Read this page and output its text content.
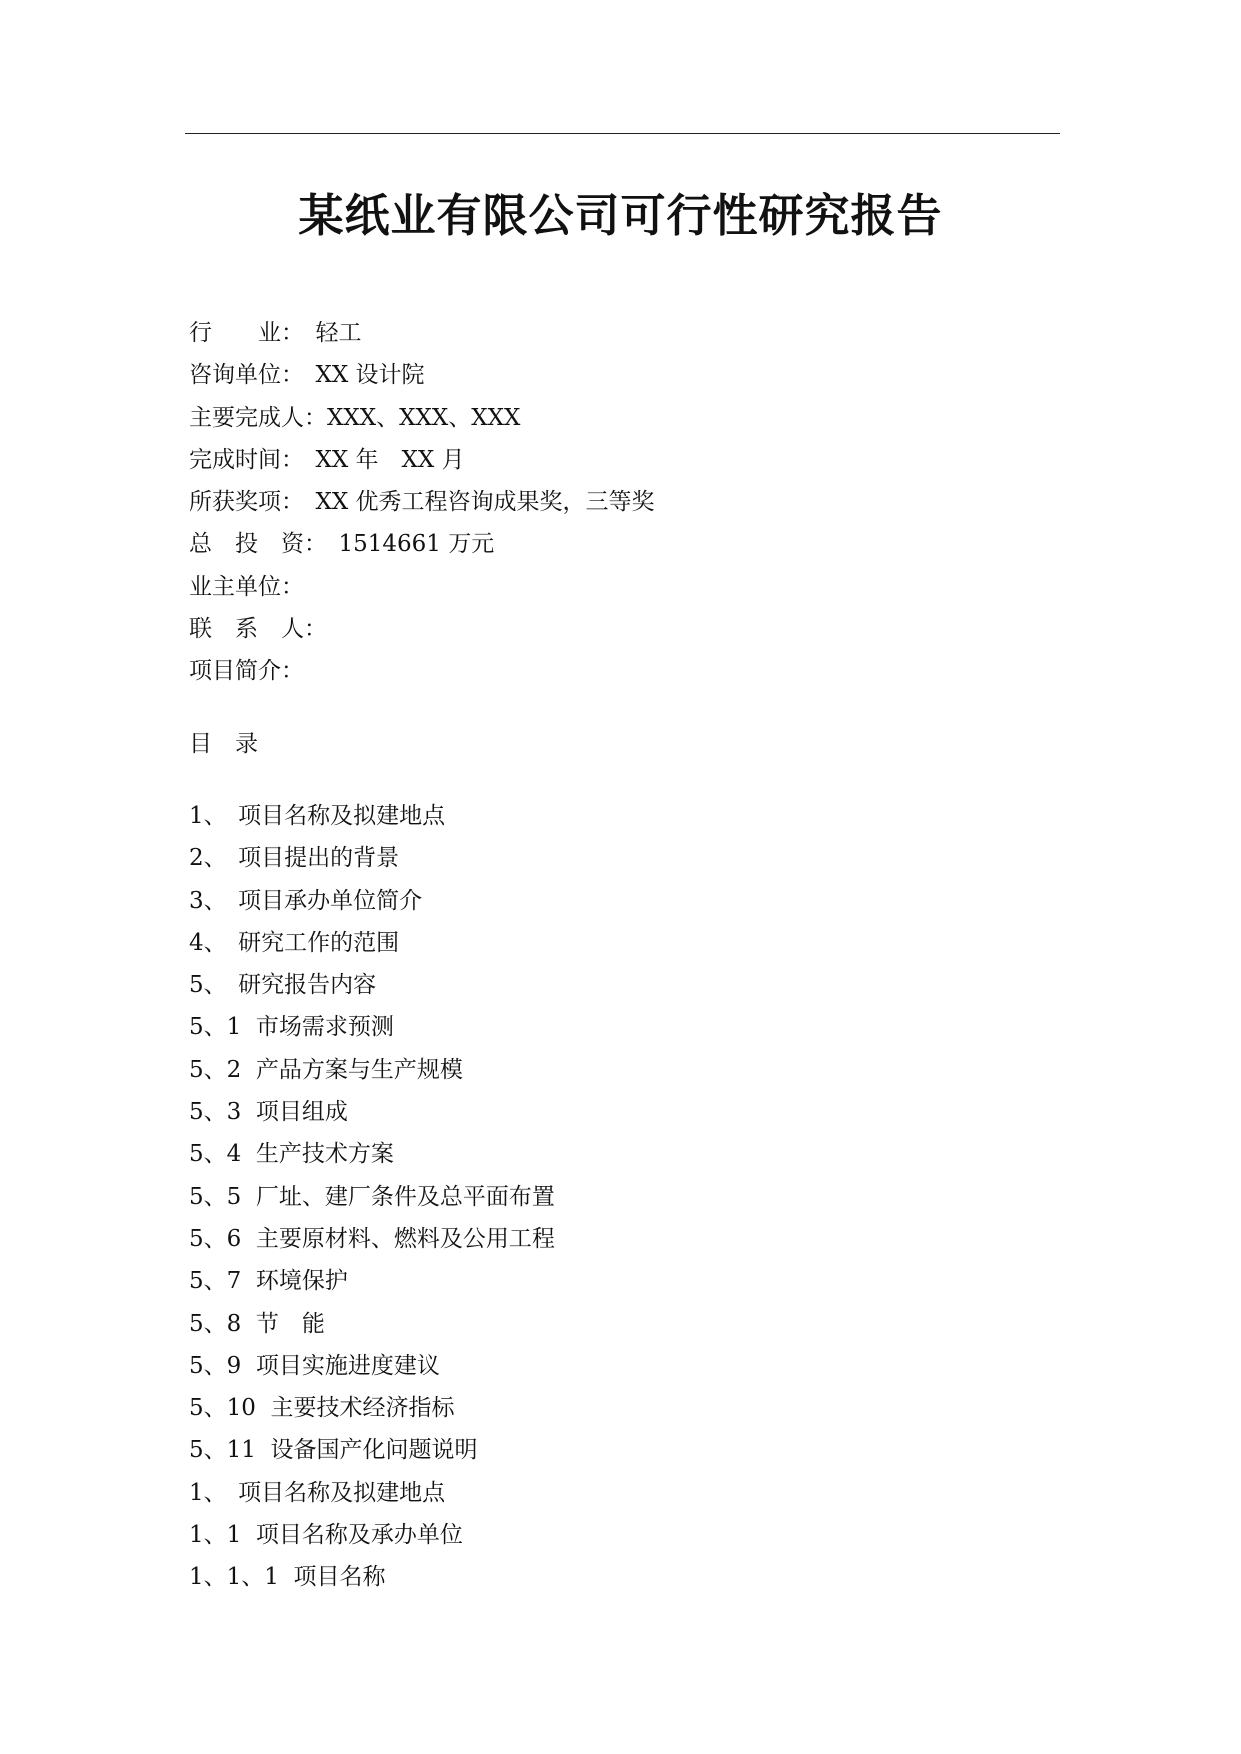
某纸业有限公司可行性研究报告
行　　业：　轻工
咨询单位：　XX 设计院
主要完成人：XXX、XXX、XXX
完成时间：　XX 年　XX 月
所获奖项：　XX 优秀工程咨询成果奖，三等奖
总　投　资：　1514661 万元
业主单位：
联　系　人：
项目简介：
目　录
1、　项目名称及拟建地点
2、　项目提出的背景
3、　项目承办单位简介
4、　研究工作的范围
5、　研究报告内容
5、1  市场需求预测
5、2  产品方案与生产规模
5、3  项目组成
5、4  生产技术方案
5、5  厂址、建厂条件及总平面布置
5、6  主要原材料、燃料及公用工程
5、7  环境保护
5、8  节　能
5、9  项目实施进度建议
5、10  主要技术经济指标
5、11  设备国产化问题说明
1、　项目名称及拟建地点
1、1  项目名称及承办单位
1、1、1  项目名称
